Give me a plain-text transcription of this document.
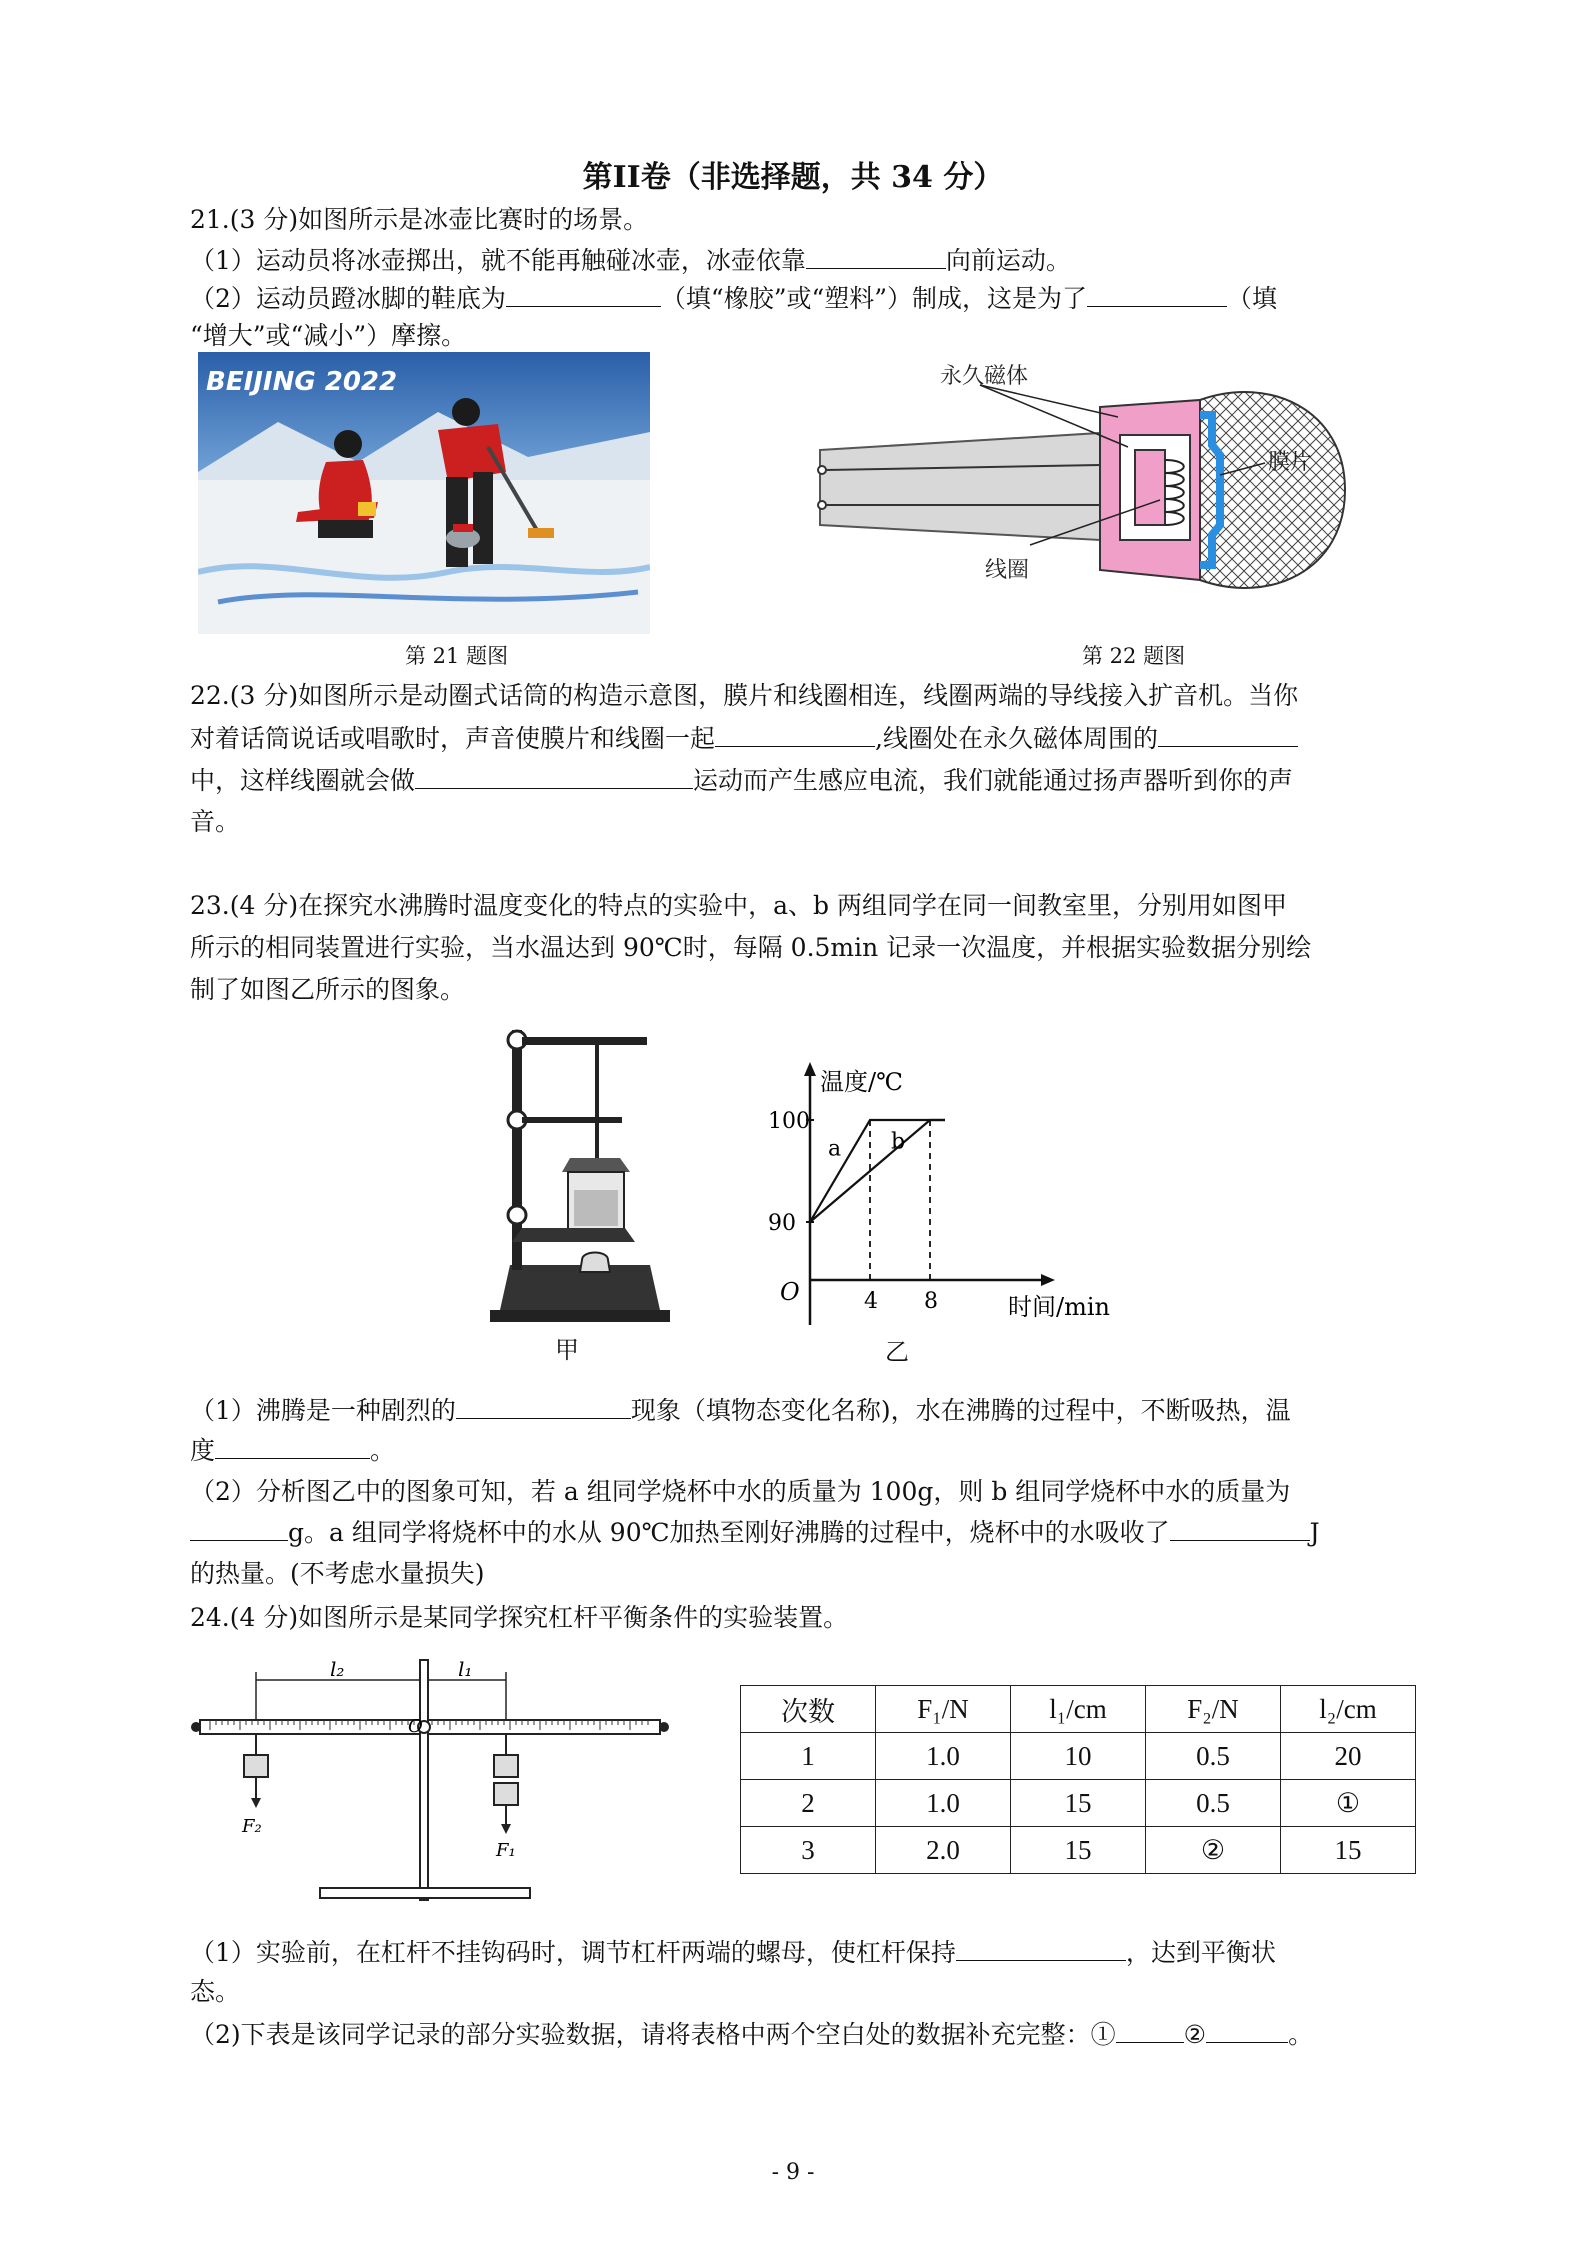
第II卷（非选择题，共 34 分）
21.(3 分)如图所示是冰壶比赛时的场景。
（1）运动员将冰壶掷出，就不能再触碰冰壶，冰壶依靠	向前运动。
（2）运动员蹬冰脚的鞋底为	（填“橡胶”或“塑料”）制成，这是为了	（填
“增大”或“减小”）摩擦。
BEIJING 2022
第 21 题图
永久磁体
膜片
线圈
第 22 题图
22.(3 分)如图所示是动圈式话筒的构造示意图，膜片和线圈相连，线圈两端的导线接入扩音机。当你
对着话筒说话或唱歌时，声音使膜片和线圈一起	,线圈处在永久磁体周围的
中，这样线圈就会做	运动而产生感应电流，我们就能通过扬声器听到你的声
音。
23.(4 分)在探究水沸腾时温度变化的特点的实验中，a、b 两组同学在同一间教室里，分别用如图甲
所示的相同装置进行实验，当水温达到 90℃时，每隔 0.5min 记录一次温度，并根据实验数据分别绘
制了如图乙所示的图象。
甲
温度/℃
时间/min
O
90
100
4 8
a b
乙
（1）沸腾是一种剧烈的	现象（填物态变化名称)，水在沸腾的过程中，不断吸热，温
度	。
（2）分析图乙中的图象可知，若 a 组同学烧杯中水的质量为 100g，则 b 组同学烧杯中水的质量为
g。a 组同学将烧杯中的水从 90℃加热至刚好沸腾的过程中，烧杯中的水吸收了	J
的热量。(不考虑水量损失)
24.(4 分)如图所示是某同学探究杠杆平衡条件的实验装置。
O
l₂	l₁
F₂
F₁
次数	F₁/N	l₁/cm	F₂/N	l₂/cm
1	1.0	10	0.5	20
2	1.0	15	0.5	①
3	2.0	15	②	15
（1）实验前，在杠杆不挂钩码时，调节杠杆两端的螺母，使杠杆保持	，达到平衡状
态。
（2)下表是该同学记录的部分实验数据，请将表格中两个空白处的数据补充完整：①	②	。
- 9 -
